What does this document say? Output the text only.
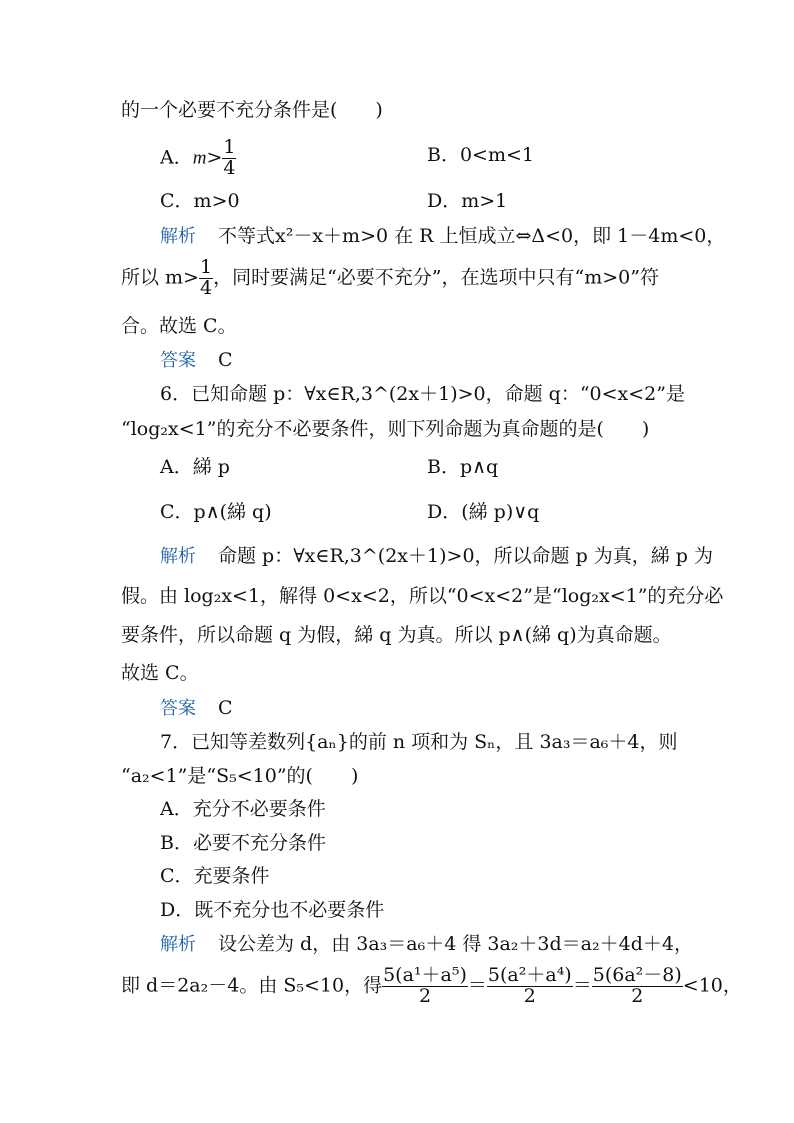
的一个必要不充分条件是(　　)
A．$m> \frac{1}{4}$	B．0<m<1
C．m>0	D．m>1
解析 不等式x²－x＋m>0 在 R 上恒成立⇔Δ<0，即 1－4m<0，
所以 $m> \frac{1}{4}$ ，同时要满足“必要不充分”，在选项中只有“m>0”符
合。故选 C。
答案 C
6．已知命题 p：∀x∈R,3^(2x＋1)>0，命题 q：“0<x<2”是
“log₂x<1”的充分不必要条件，则下列命题为真命题的是(　　)
A．綈 p	B．p∧q
C．p∧(綈 q)	D．(綈 p)∨q
解析 命题 p：∀x∈R,3^(2x＋1)>0，所以命题 p 为真，綈 p 为
假。由 log₂x<1，解得 0<x<2，所以“0<x<2”是“log₂x<1”的充分必
要条件，所以命题 q 为假，綈 q 为真。所以 p∧(綈 q)为真命题。
故选 C。
答案 C
7．已知等差数列{aₙ}的前 n 项和为 Sₙ，且 3a₃＝a₆＋4，则
“a₂<1”是“S₅<10”的(　　)
A．充分不必要条件
B．必要不充分条件
C．充要条件
D．既不充分也不必要条件
解析 设公差为 d，由 3a₃＝a₆＋4 得 3a₂＋3d＝a₂＋4d＋4，
即 d＝2a₂－4。由 S₅<10，得 $\frac{\text{5(a¹＋a⁵)}}{2} = \frac{\text{5(a²＋a⁴)}}{2} = \frac{\text{5(6a²－8)}}{2} <10$，
